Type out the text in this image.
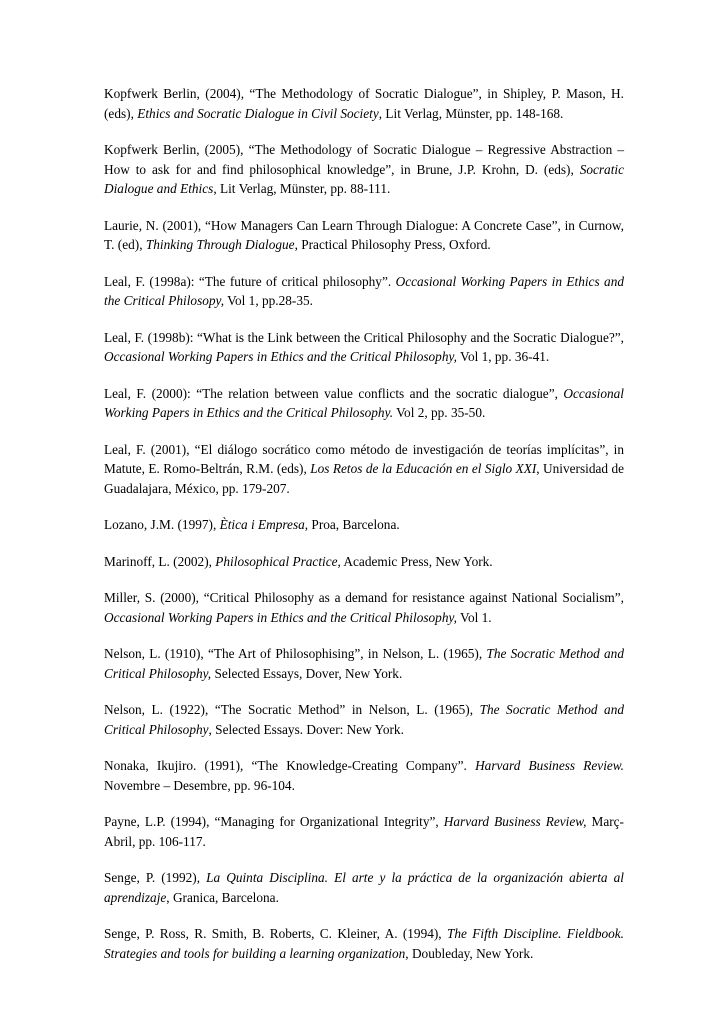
Kopfwerk Berlin, (2004), “The Methodology of Socratic Dialogue”, in Shipley, P. Mason, H. (eds), Ethics and Socratic Dialogue in Civil Society, Lit Verlag, Münster, pp. 148-168.

Kopfwerk Berlin, (2005), “The Methodology of Socratic Dialogue – Regressive Abstraction – How to ask for and find philosophical knowledge”, in Brune, J.P. Krohn, D. (eds), Socratic Dialogue and Ethics, Lit Verlag, Münster, pp. 88-111.

Laurie, N. (2001), “How Managers Can Learn Through Dialogue: A Concrete Case”, in Curnow, T. (ed), Thinking Through Dialogue, Practical Philosophy Press, Oxford.

Leal, F. (1998a): “The future of critical philosophy”. Occasional Working Papers in Ethics and the Critical Philosopy, Vol 1, pp.28-35.

Leal, F. (1998b): “What is the Link between the Critical Philosophy and the Socratic Dialogue?”, Occasional Working Papers in Ethics and the Critical Philosophy, Vol 1, pp. 36-41.

Leal, F. (2000): “The relation between value conflicts and the socratic dialogue”, Occasional Working Papers in Ethics and the Critical Philosophy. Vol 2, pp. 35-50.

Leal, F. (2001), “El diálogo socrático como método de investigación de teorías implícitas”, in Matute, E. Romo-Beltrán, R.M. (eds), Los Retos de la Educación en el Siglo XXI, Universidad de Guadalajara, México, pp. 179-207.

Lozano, J.M. (1997), Ètica i Empresa, Proa, Barcelona.

Marinoff, L. (2002), Philosophical Practice, Academic Press, New York.

Miller, S. (2000), “Critical Philosophy as a demand for resistance against National Socialism”, Occasional Working Papers in Ethics and the Critical Philosophy, Vol 1.

Nelson, L. (1910), “The Art of Philosophising”, in Nelson, L. (1965), The Socratic Method and Critical Philosophy, Selected Essays, Dover, New York.

Nelson, L. (1922), “The Socratic Method” in Nelson, L. (1965), The Socratic Method and Critical Philosophy, Selected Essays. Dover: New York.

Nonaka, Ikujiro. (1991), “The Knowledge-Creating Company”. Harvard Business Review. Novembre – Desembre, pp. 96-104.

Payne, L.P. (1994), “Managing for Organizational Integrity”, Harvard Business Review, Març-Abril, pp. 106-117.

Senge, P. (1992), La Quinta Disciplina. El arte y la práctica de la organización abierta al aprendizaje, Granica, Barcelona.

Senge, P. Ross, R. Smith, B. Roberts, C. Kleiner, A. (1994), The Fifth Discipline. Fieldbook. Strategies and tools for building a learning organization, Doubleday, New York.
